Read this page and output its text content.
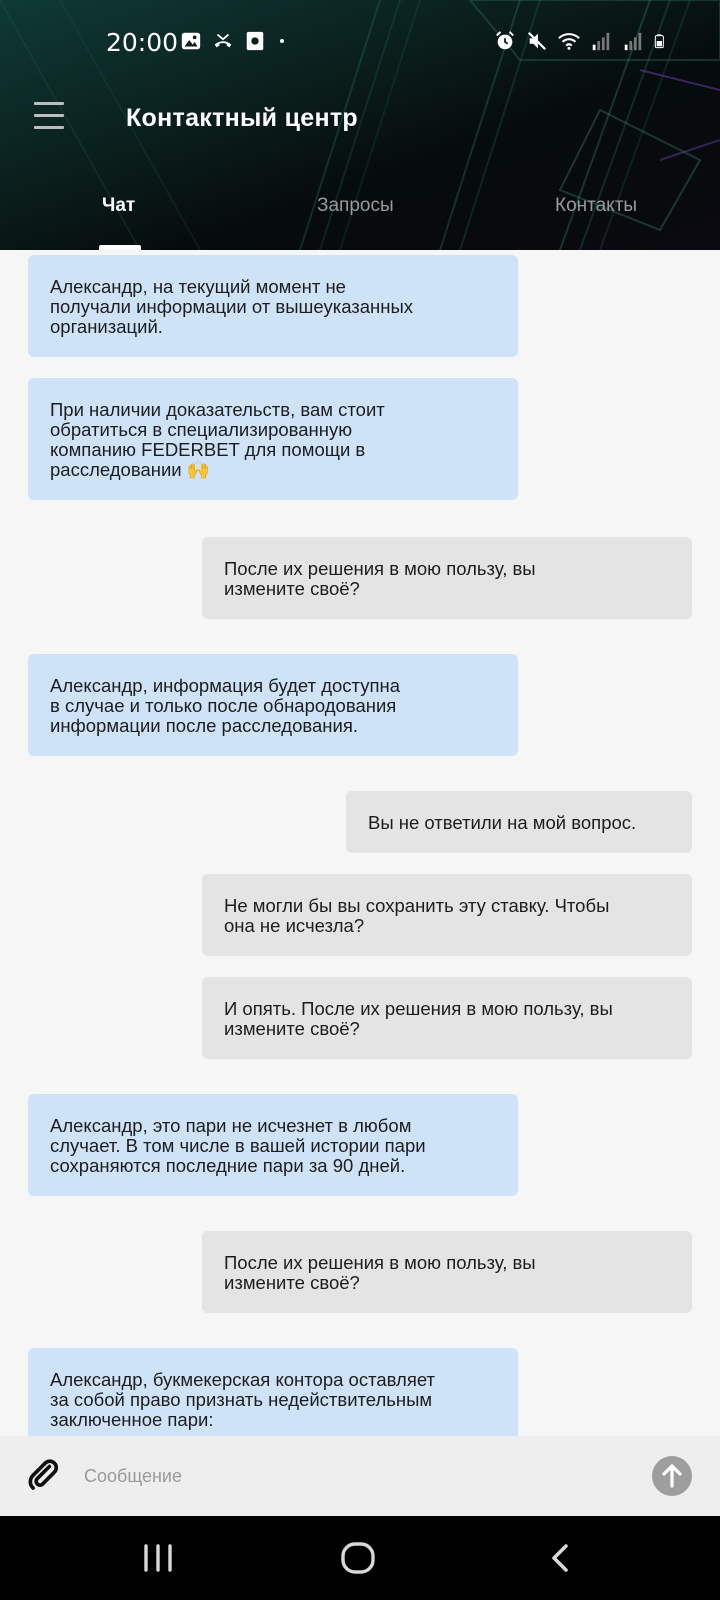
20:00
Контактный центр
Чат	Запросы	Контакты
Александр, на текущий момент не
получали информации от вышеуказанных
организаций.
При наличии доказательств, вам стоит
обратиться в специализированную
компанию FEDERBET для помощи в
расследовании 🙌
После их решения в мою пользу, вы
измените своё?
Александр, информация будет доступна
в случае и только после обнародования
информации после расследования.
Вы не ответили на мой вопрос.
Не могли бы вы сохранить эту ставку. Чтобы
она не исчезла?
И опять. После их решения в мою пользу, вы
измените своё?
Александр, это пари не исчезнет в любом
случает. В том числе в вашей истории пари
сохраняются последние пари за 90 дней.
После их решения в мою пользу, вы
измените своё?
Александр, букмекерская контора оставляет
за собой право признать недействительным
заключенное пари:
Сообщение
